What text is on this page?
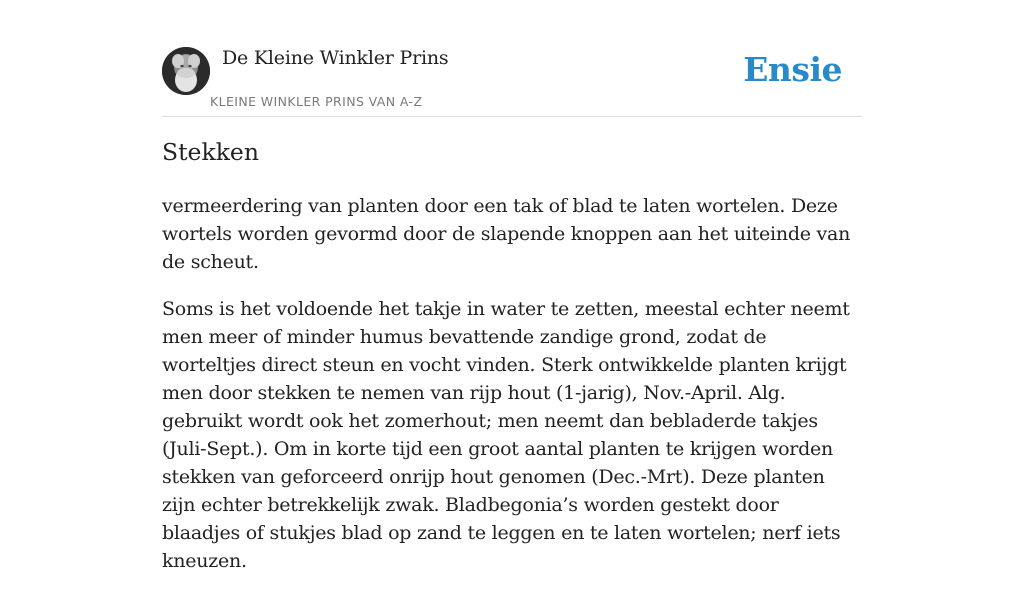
De Kleine Winkler Prins
KLEINE WINKLER PRINS VAN A-Z
Ensie
Stekken

vermeerdering van planten door een tak of blad te laten wortelen. Deze wortels worden gevormd door de slapende knoppen aan het uiteinde van de scheut.

Soms is het voldoende het takje in water te zetten, meestal echter neemt men meer of minder humus bevattende zandige grond, zodat de worteltjes direct steun en vocht vinden. Sterk ontwikkelde planten krijgt men door stekken te nemen van rijp hout (1-jarig), Nov.-April. Alg. gebruikt wordt ook het zomerhout; men neemt dan bebladerde takjes (Juli-Sept.). Om in korte tijd een groot aantal planten te krijgen worden stekken van geforceerd onrijp hout genomen (Dec.-Mrt). Deze planten zijn echter betrekkelijk zwak. Bladbegonia’s worden gestekt door blaadjes of stukjes blad op zand te leggen en te laten wortelen; nerf iets kneuzen.
